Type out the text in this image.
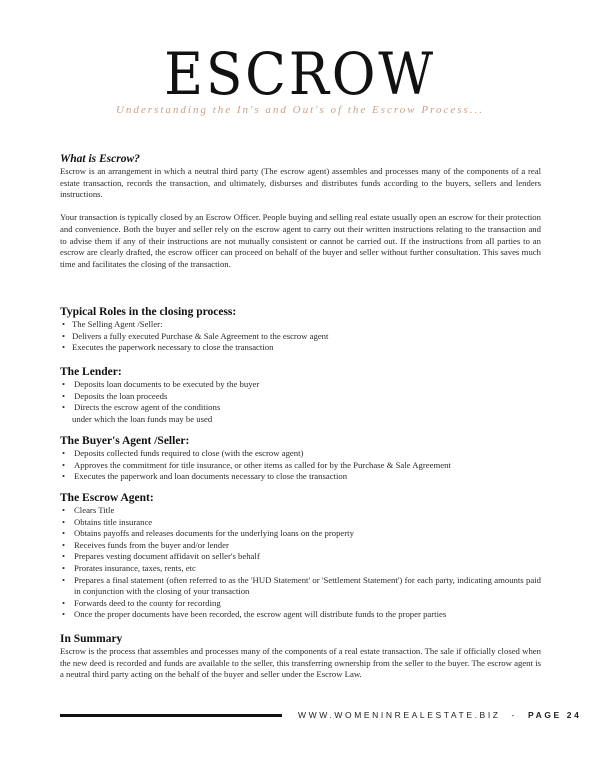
ESCROW
Understanding the In's and Out's of the Escrow Process...
What is Escrow?

Escrow is an arrangement in which a neutral third party (The escrow agent) assembles and processes many of the components of a real estate transaction, records the transaction, and ultimately, disburses and distributes funds according to the buyers, sellers and lenders instructions.

Your transaction is typically closed by an Escrow Officer. People buying and selling real estate usually open an escrow for their protection and convenience. Both the buyer and seller rely on the escrow agent to carry out their written instructions relating to the transaction and to advise them if any of their instructions are not mutually consistent or cannot be carried out. If the instructions from all parties to an escrow are clearly drafted, the escrow officer can proceed on behalf of the buyer and seller without further consultation. This saves much time and facilitates the closing of the transaction.

Typical Roles in the closing process:
• The Selling Agent /Seller:
• Delivers a fully executed Purchase & Sale Agreement to the escrow agent
• Executes the paperwork necessary to close the transaction
The Lender:
• Deposits loan documents to be executed by the buyer
• Deposits the loan proceeds
• Directs the escrow agent of the conditions
under which the loan funds may be used
The Buyer's Agent /Seller:
• Deposits collected funds required to close (with the escrow agent)
• Approves the commitment for title insurance, or other items as called for by the Purchase & Sale Agreement
• Executes the paperwork and loan documents necessary to close the transaction
The Escrow Agent:
• Clears Title
• Obtains title insurance
• Obtains payoffs and releases documents for the underlying loans on the property
• Receives funds from the buyer and/or lender
• Prepares vesting document affidavit on seller's behalf
• Prorates insurance, taxes, rents, etc
• Prepares a final statement (often referred to as the 'HUD Statement' or 'Settlement Statement') for each party, indicating amounts paid in conjunction with the closing of your transaction
• Forwards deed to the county for recording
• Once the proper documents have been recorded, the escrow agent will distribute funds to the proper parties
In Summary

Escrow is the process that assembles and processes many of the components of a real estate transaction. The sale if officially closed when the new deed is recorded and funds are available to the seller, this transferring ownership from the seller to the buyer. The escrow agent is a neutral third party acting on the behalf of the buyer and seller under the Escrow Law.

WWW.WOMENINREALESTATE.BIZ - PAGE 24
